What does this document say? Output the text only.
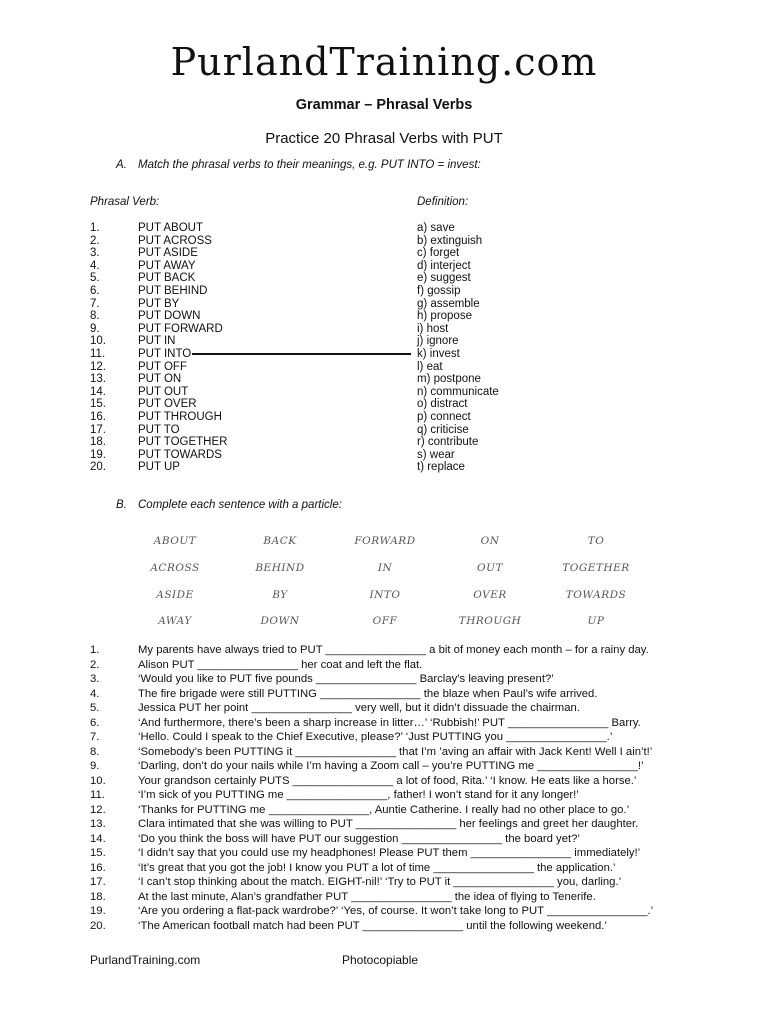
PurlandTraining.com
Grammar – Phrasal Verbs
Practice 20 Phrasal Verbs with PUT
A. Match the phrasal verbs to their meanings, e.g. PUT INTO = invest:
Phrasal Verb:	Definition:
1.	PUT ABOUT	a) save
2.	PUT ACROSS	b) extinguish
3.	PUT ASIDE	c) forget
4.	PUT AWAY	d) interject
5.	PUT BACK	e) suggest
6.	PUT BEHIND	f) gossip
7.	PUT BY	g) assemble
8.	PUT DOWN	h) propose
9.	PUT FORWARD	i) host
10.	PUT IN	j) ignore
11.	PUT INTO	k) invest
12.	PUT OFF	l) eat
13.	PUT ON	m) postpone
14.	PUT OUT	n) communicate
15.	PUT OVER	o) distract
16.	PUT THROUGH	p) connect
17.	PUT TO	q) criticise
18.	PUT TOGETHER	r) contribute
19.	PUT TOWARDS	s) wear
20.	PUT UP	t) replace
B. Complete each sentence with a particle:
ABOUT	BACK	FORWARD	ON	TO
ACROSS	BEHIND	IN	OUT	TOGETHER
ASIDE	BY	INTO	OVER	TOWARDS
AWAY	DOWN	OFF	THROUGH	UP
1.	My parents have always tried to PUT ________________ a bit of money each month – for a rainy day.
2.	Alison PUT ________________ her coat and left the flat.
3.	‘Would you like to PUT five pounds ________________ Barclay’s leaving present?’
4.	The fire brigade were still PUTTING ________________ the blaze when Paul’s wife arrived.
5.	Jessica PUT her point ________________ very well, but it didn’t dissuade the chairman.
6.	‘And furthermore, there’s been a sharp increase in litter…’ ‘Rubbish!’ PUT ________________ Barry.
7.	‘Hello. Could I speak to the Chief Executive, please?’ ‘Just PUTTING you ________________.’
8.	‘Somebody’s been PUTTING it ________________ that I’m ’aving an affair with Jack Kent! Well I ain’t!’
9.	‘Darling, don’t do your nails while I’m having a Zoom call – you’re PUTTING me ________________!’
10.	Your grandson certainly PUTS ________________ a lot of food, Rita.’ ‘I know. He eats like a horse.’
11.	‘I’m sick of you PUTTING me ________________, father! I won’t stand for it any longer!’
12.	‘Thanks for PUTTING me ________________, Auntie Catherine. I really had no other place to go.’
13.	Clara intimated that she was willing to PUT ________________ her feelings and greet her daughter.
14.	‘Do you think the boss will have PUT our suggestion ________________ the board yet?’
15.	‘I didn’t say that you could use my headphones! Please PUT them ________________ immediately!’
16.	‘It’s great that you got the job! I know you PUT a lot of time ________________ the application.’
17.	‘I can’t stop thinking about the match. EIGHT-nil!’ ‘Try to PUT it ________________ you, darling.’
18.	At the last minute, Alan’s grandfather PUT ________________ the idea of flying to Tenerife.
19.	‘Are you ordering a flat-pack wardrobe?’ ‘Yes, of course. It won’t take long to PUT ________________.’
20.	‘The American football match had been PUT ________________ until the following weekend.’
PurlandTraining.com	Photocopiable
